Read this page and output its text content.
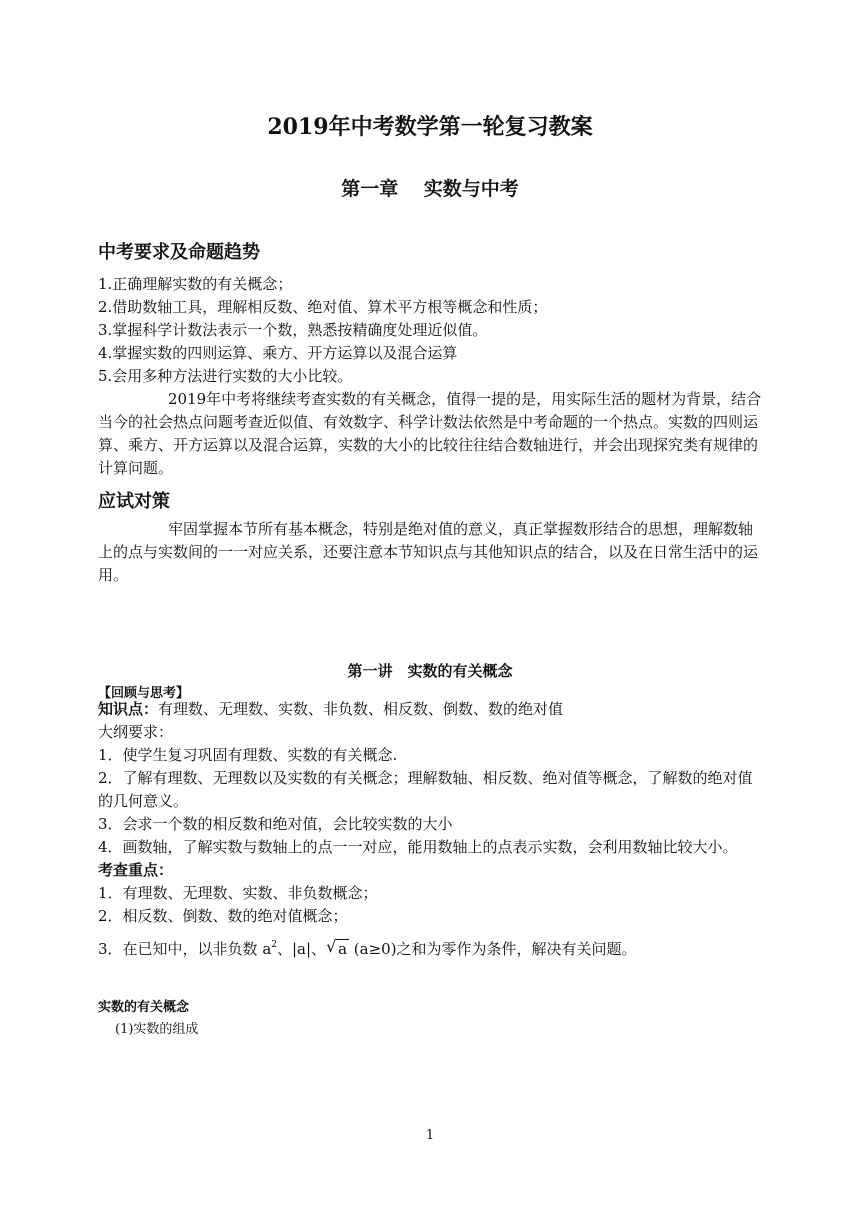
2019年中考数学第一轮复习教案
第一章　 实数与中考
中考要求及命题趋势

1.正确理解实数的有关概念；

2.借助数轴工具，理解相反数、绝对值、算术平方根等概念和性质；

3.掌握科学计数法表示一个数，熟悉按精确度处理近似值。

4.掌握实数的四则运算、乘方、开方运算以及混合运算

5.会用多种方法进行实数的大小比较。

2019年中考将继续考查实数的有关概念，值得一提的是，用实际生活的题材为背景，结合当今的社会热点问题考查近似值、有效数字、科学计数法依然是中考命题的一个热点。实数的四则运算、乘方、开方运算以及混合运算，实数的大小的比较往往结合数轴进行，并会出现探究类有规律的计算问题。

应试对策

牢固掌握本节所有基本概念，特别是绝对值的意义，真正掌握数形结合的思想，理解数轴上的点与实数间的一一对应关系，还要注意本节知识点与其他知识点的结合，以及在日常生活中的运用。

第一讲　实数的有关概念
【回顾与思考】

知识点：有理数、无理数、实数、非负数、相反数、倒数、数的绝对值

大纲要求：

1．使学生复习巩固有理数、实数的有关概念.

2．了解有理数、无理数以及实数的有关概念；理解数轴、相反数、绝对值等概念，了解数的绝对值的几何意义。

3．会求一个数的相反数和绝对值，会比较实数的大小

4．画数轴，了解实数与数轴上的点一一对应，能用数轴上的点表示实数，会利用数轴比较大小。

考查重点：

1．有理数、无理数、实数、非负数概念；

2．相反数、倒数、数的绝对值概念；

3．在已知中，以非负数 $a^2$、|a|、 √ a (a≥0)之和为零作为条件，解决有关问题。

实数的有关概念
(1)实数的组成
1
